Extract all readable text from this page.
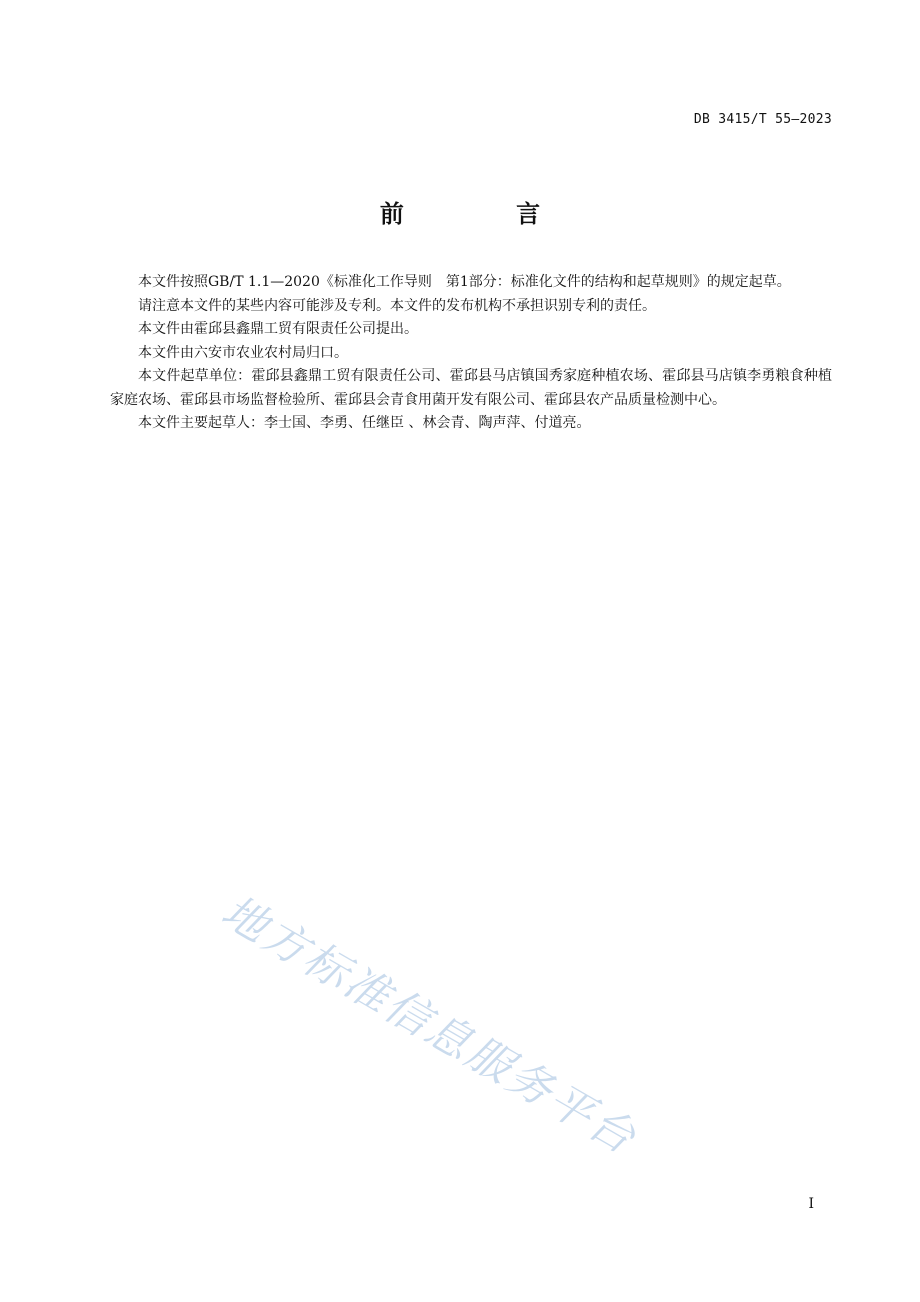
DB 3415/T 55—2023
前 言

本文件按照GB/T 1.1—2020《标准化工作导则　第1部分：标准化文件的结构和起草规则》的规定起草。

请注意本文件的某些内容可能涉及专利。本文件的发布机构不承担识别专利的责任。

本文件由霍邱县鑫鼎工贸有限责任公司提出。

本文件由六安市农业农村局归口。

本文件起草单位：霍邱县鑫鼎工贸有限责任公司、霍邱县马店镇国秀家庭种植农场、霍邱县马店镇李勇粮食种植家庭农场、霍邱县市场监督检验所、霍邱县会青食用菌开发有限公司、霍邱县农产品质量检测中心。

本文件主要起草人：李士国、李勇、任继臣 、林会青、陶声萍、付道亮。

地方标准信息服务平台
I
